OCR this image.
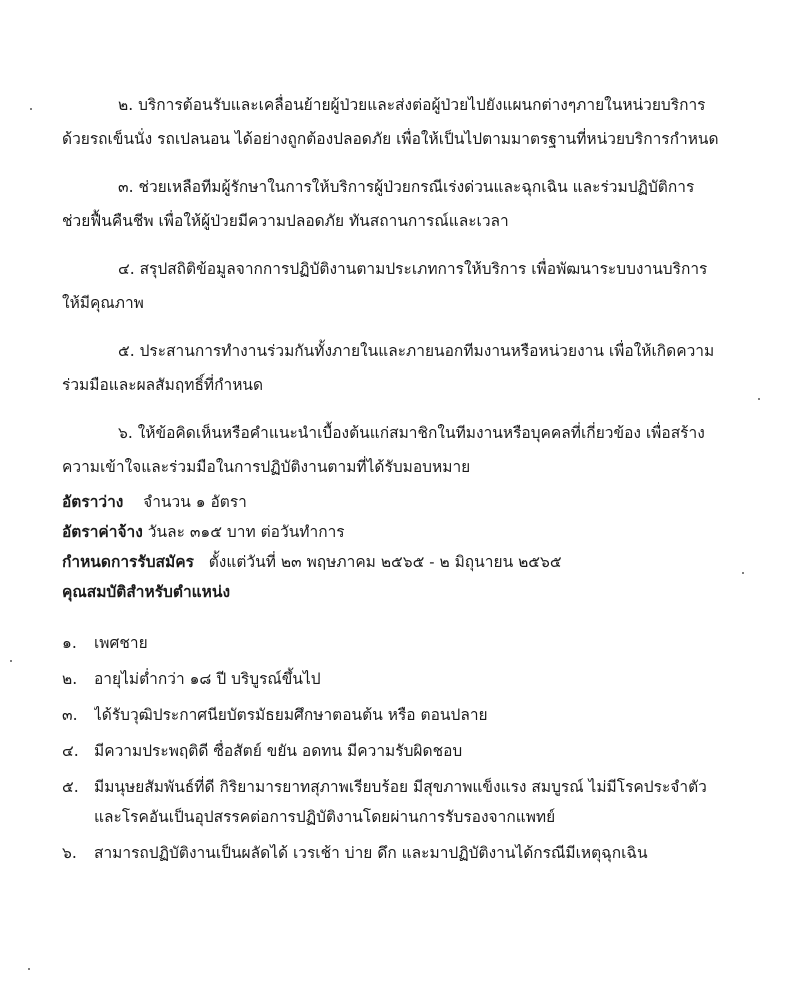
๒. บริการต้อนรับและเคลื่อนย้ายผู้ป่วยและส่งต่อผู้ป่วยไปยังแผนกต่างๆภายในหน่วยบริการ
ด้วยรถเข็นนั่ง รถเปลนอน ได้อย่างถูกต้องปลอดภัย เพื่อให้เป็นไปตามมาตรฐานที่หน่วยบริการกำหนด
๓. ช่วยเหลือทีมผู้รักษาในการให้บริการผู้ป่วยกรณีเร่งด่วนและฉุกเฉิน และร่วมปฏิบัติการ
ช่วยฟื้นคืนชีพ เพื่อให้ผู้ป่วยมีความปลอดภัย ทันสถานการณ์และเวลา
๔. สรุปสถิติข้อมูลจากการปฏิบัติงานตามประเภทการให้บริการ เพื่อพัฒนาระบบงานบริการ
ให้มีคุณภาพ
๕. ประสานการทำงานร่วมกันทั้งภายในและภายนอกทีมงานหรือหน่วยงาน เพื่อให้เกิดความ
ร่วมมือและผลสัมฤทธิ์ที่กำหนด
๖. ให้ข้อคิดเห็นหรือคำแนะนำเบื้องต้นแก่สมาชิกในทีมงานหรือบุคคลที่เกี่ยวข้อง เพื่อสร้าง
ความเข้าใจและร่วมมือในการปฏิบัติงานตามที่ได้รับมอบหมาย
อัตราว่าง จำนวน ๑ อัตรา
อัตราค่าจ้าง วันละ ๓๑๕ บาท ต่อวันทำการ
กำหนดการรับสมัคร ตั้งแต่วันที่ ๒๓ พฤษภาคม ๒๕๖๕ - ๒ มิถุนายน ๒๕๖๕
คุณสมบัติสำหรับตำแหน่ง
๑.	เพศชาย
๒.	อายุไม่ต่ำกว่า ๑๘ ปี บริบูรณ์ขึ้นไป
๓.	ได้รับวุฒิประกาศนียบัตรมัธยมศึกษาตอนต้น หรือ ตอนปลาย
๔. มีความประพฤติดี ซื่อสัตย์ ขยัน อดทน มีความรับผิดชอบ
๕. มีมนุษยสัมพันธ์ที่ดี กิริยามารยาทสุภาพเรียบร้อย มีสุขภาพแข็งแรง สมบูรณ์ ไม่มีโรคประจำตัว
และโรคอันเป็นอุปสรรคต่อการปฏิบัติงานโดยผ่านการรับรองจากแพทย์
๖.	สามารถปฏิบัติงานเป็นผลัดได้ เวรเช้า บ่าย ดึก และมาปฏิบัติงานได้กรณีมีเหตุฉุกเฉิน
